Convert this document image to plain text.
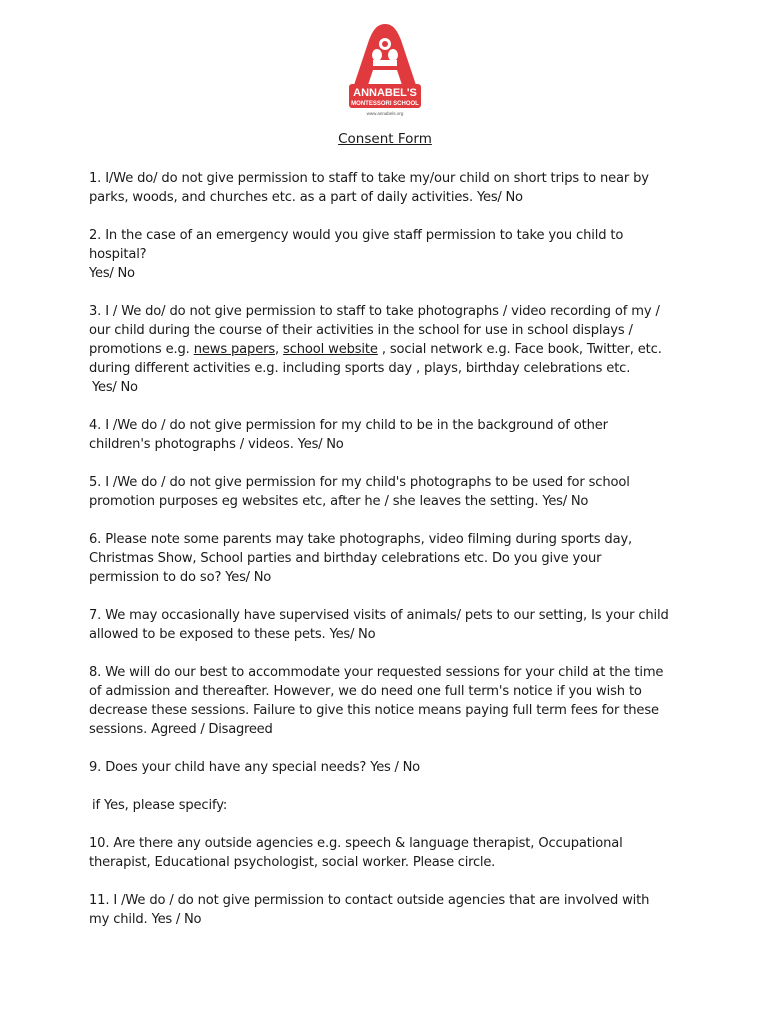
ANNABEL'S
MONTESSORI SCHOOL
www.annabels.org
Consent Form

1. I/We do/ do not give permission to staff to take my/our child on short trips to near by parks, woods, and churches etc. as a part of daily activities. Yes/ No

2. In the case of an emergency would you give staff permission to take you child to hospital?
Yes/ No

3. I / We do/ do not give permission to staff to take photographs / video recording of my / our child during the course of their activities in the school for use in school displays / promotions e.g. news papers, school website , social network e.g. Face book, Twitter, etc. during different activities e.g. including sports day , plays, birthday celebrations etc.
Yes/ No

4. I /We do / do not give permission for my child to be in the background of other children's photographs / videos. Yes/ No

5. I /We do / do not give permission for my child's photographs to be used for school promotion purposes eg websites etc, after he / she leaves the setting. Yes/ No

6. Please note some parents may take photographs, video filming during sports day, Christmas Show, School parties and birthday celebrations etc. Do you give your permission to do so? Yes/ No

7. We may occasionally have supervised visits of animals/ pets to our setting, Is your child allowed to be exposed to these pets. Yes/ No

8. We will do our best to accommodate your requested sessions for your child at the time of admission and thereafter. However, we do need one full term's notice if you wish to decrease these sessions. Failure to give this notice means paying full term fees for these sessions. Agreed / Disagreed

9. Does your child have any special needs? Yes / No

if Yes, please specify:

10. Are there any outside agencies e.g. speech & language therapist, Occupational therapist, Educational psychologist, social worker. Please circle.

11. I /We do / do not give permission to contact outside agencies that are involved with my child. Yes / No
